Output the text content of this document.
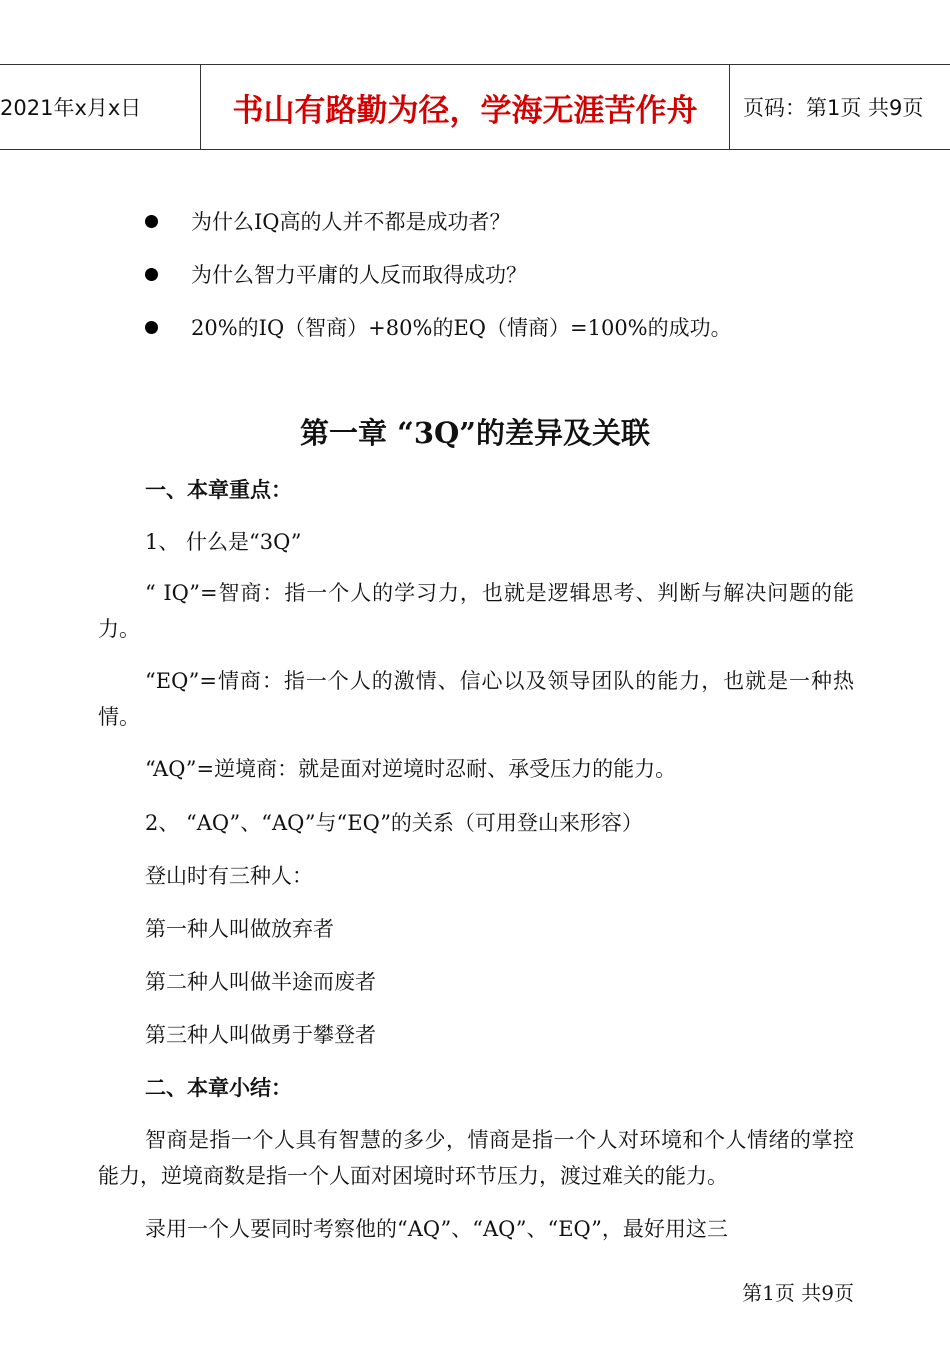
2021年x月x日	书山有路勤为径，学海无涯苦作舟	页码：第1页 共9页
为什么IQ高的人并不都是成功者？
为什么智力平庸的人反而取得成功？
20%的IQ（智商）+80%的EQ（情商）=100%的成功。
第一章 “3Q”的差异及关联
一、本章重点：
1、 什么是“3Q”
“ IQ”=智商：指一个人的学习力，也就是逻辑思考、判断与解决问题的能力。
“EQ”=情商：指一个人的激情、信心以及领导团队的能力，也就是一种热情。
“AQ”=逆境商：就是面对逆境时忍耐、承受压力的能力。
2、 “AQ”、“AQ”与“EQ”的关系（可用登山来形容）
登山时有三种人：
第一种人叫做放弃者
第二种人叫做半途而废者
第三种人叫做勇于攀登者
二、本章小结：
智商是指一个人具有智慧的多少，情商是指一个人对环境和个人情绪的掌控能力，逆境商数是指一个人面对困境时环节压力，渡过难关的能力。
录用一个人要同时考察他的“AQ”、“AQ”、“EQ”，最好用这三
第1页 共9页
